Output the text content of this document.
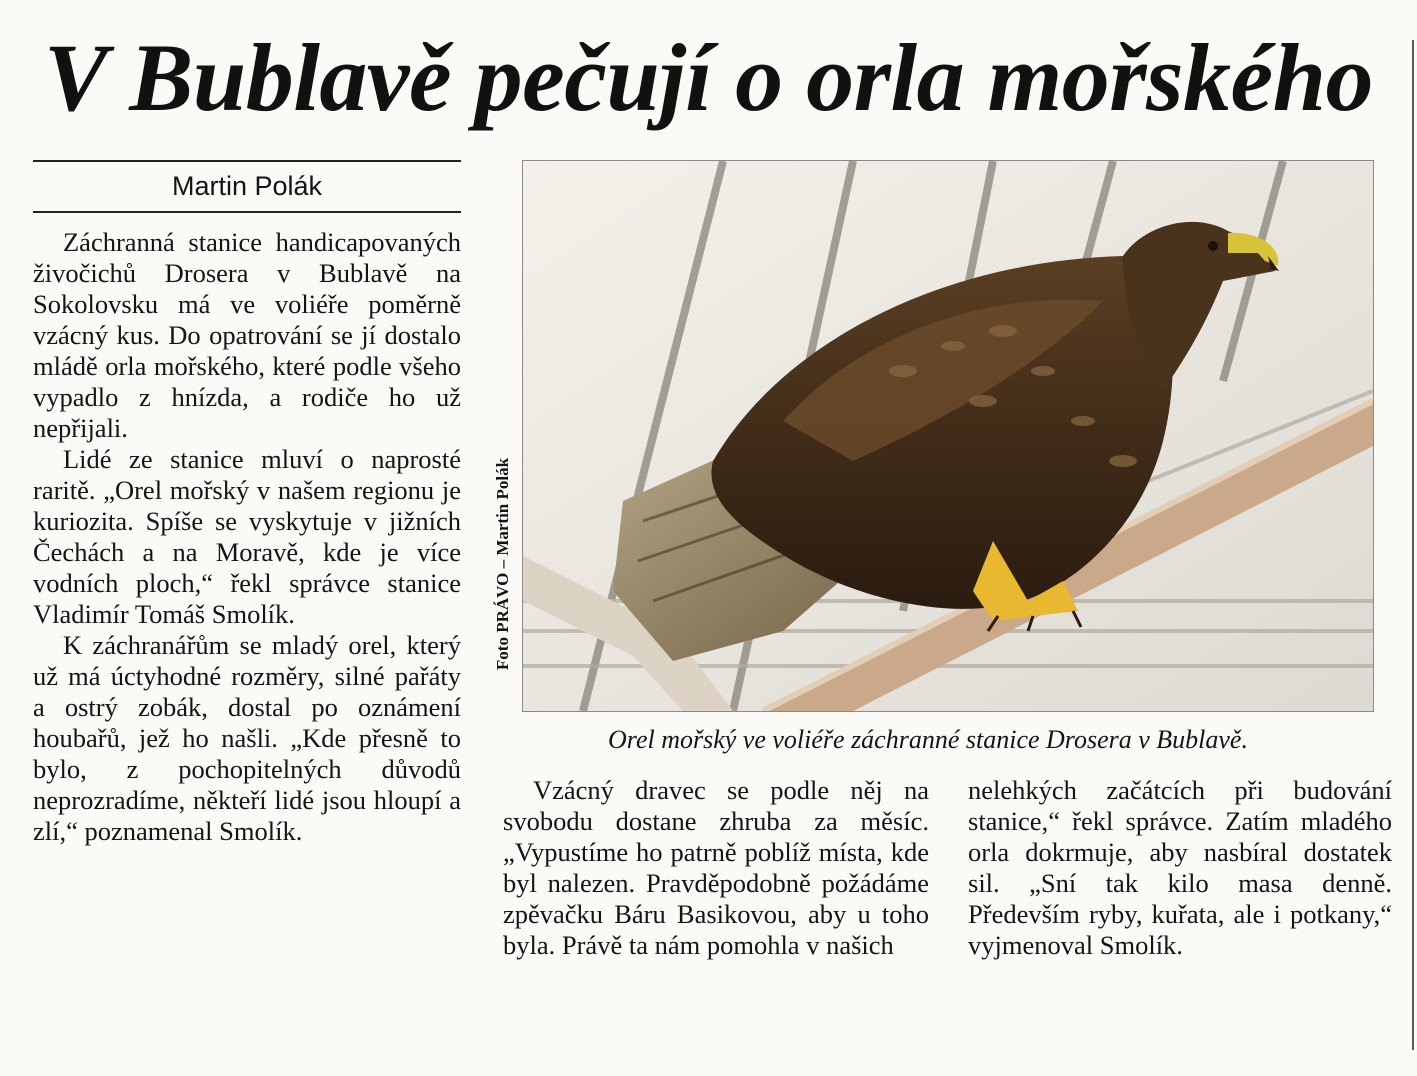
V Bublavě pečují o orla mořského
Martin Polák

Záchranná stanice handicapovaných živočichů Drosera v Bublavě na Sokolovsku má ve voliéře poměrně vzácný kus. Do opatrování se jí dostalo mládě orla mořského, které podle všeho vypadlo z hnízda, a rodiče ho už nepřijali.

Lidé ze stanice mluví o naprosté raritě. „Orel mořský v našem regionu je kuriozita. Spíše se vyskytuje v jižních Čechách a na Moravě, kde je více vodních ploch,“ řekl správce stanice Vladimír Tomáš Smolík.

K záchranářům se mladý orel, který už má úctyhodné rozměry, silné pařáty a ostrý zobák, dostal po oznámení houbařů, jež ho našli. „Kde přesně to bylo, z pochopitelných důvodů neprozradíme, někteří lidé jsou hloupí a zlí,“ poznamenal Smolík.

Foto PRÁVO – Martin Polák
Orel mořský ve voliéře záchranné stanice Drosera v Bublavě.

Vzácný dravec se podle něj na svobodu dostane zhruba za měsíc. „Vypustíme ho patrně poblíž místa, kde byl nalezen. Pravděpodobně požádáme zpěvačku Báru Basikovou, aby u toho byla. Právě ta nám pomohla v našich

nelehkých začátcích při budování stanice,“ řekl správce. Zatím mladého orla dokrmuje, aby nasbíral dostatek sil. „Sní tak kilo masa denně. Především ryby, kuřata, ale i potkany,“ vyjmenoval Smolík.
